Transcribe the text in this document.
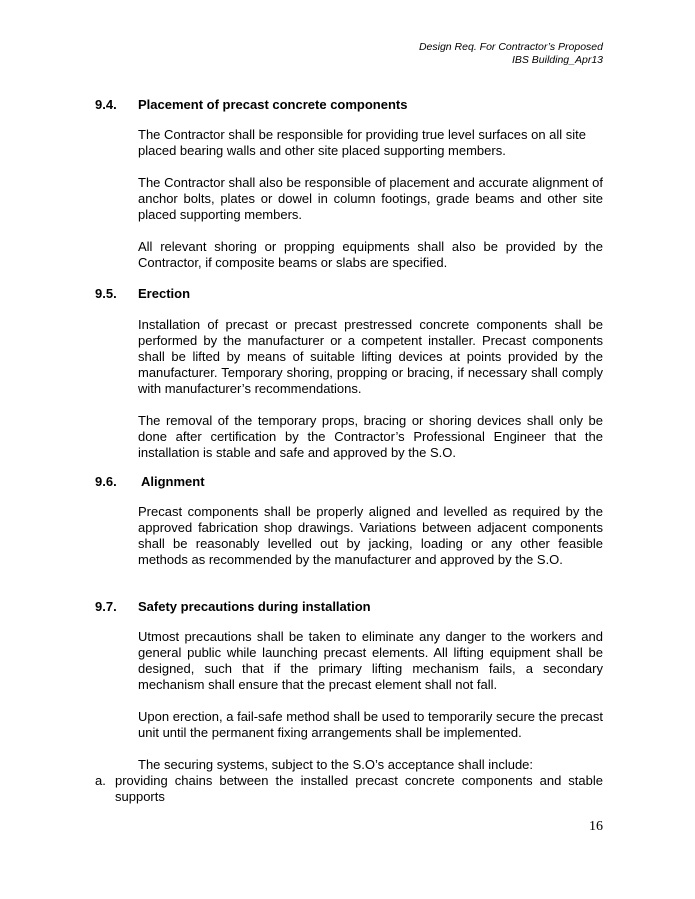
Design Req. For Contractor’s Proposed
IBS Building_Apr13
9.4. Placement of precast concrete components

The Contractor shall be responsible for providing true level surfaces on all site placed bearing walls and other site placed supporting members.

The Contractor shall also be responsible of placement and accurate alignment of anchor bolts, plates or dowel in column footings, grade beams and other site placed supporting members.

All relevant shoring or propping equipments shall also be provided by the Contractor, if composite beams or slabs are specified.

9.5. Erection

Installation of precast or precast prestressed concrete components shall be performed by the manufacturer or a competent installer. Precast components shall be lifted by means of suitable lifting devices at points provided by the manufacturer. Temporary shoring, propping or bracing, if necessary shall comply with manufacturer’s recommendations.

The removal of the temporary props, bracing or shoring devices shall only be done after certification by the Contractor’s Professional Engineer that the installation is stable and safe and approved by the S.O.

9.6. Alignment

Precast components shall be properly aligned and levelled as required by the approved fabrication shop drawings. Variations between adjacent components shall be reasonably levelled out by jacking, loading or any other feasible methods as recommended by the manufacturer and approved by the S.O.

9.7. Safety precautions during installation

Utmost precautions shall be taken to eliminate any danger to the workers and general public while launching precast elements. All lifting equipment shall be designed, such that if the primary lifting mechanism fails, a secondary mechanism shall ensure that the precast element shall not fall.

Upon erection, a fail-safe method shall be used to temporarily secure the precast unit until the permanent fixing arrangements shall be implemented.

The securing systems, subject to the S.O’s acceptance shall include:

a. providing chains between the installed precast concrete components and stable supports
16
